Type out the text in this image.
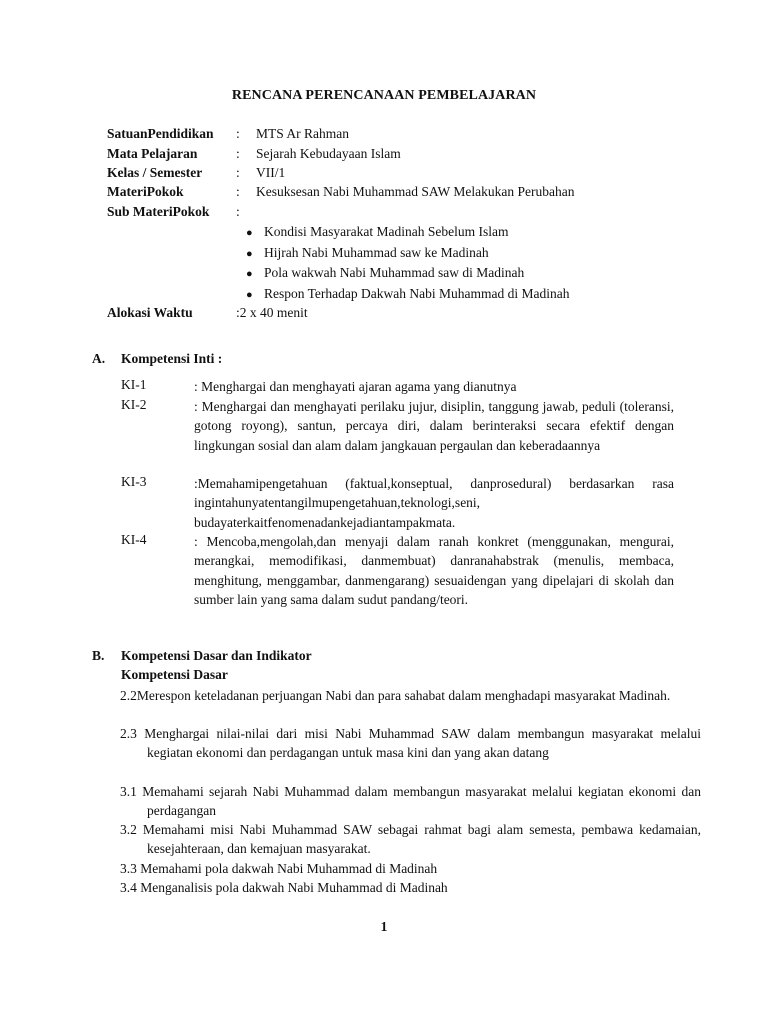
RENCANA PERENCANAAN PEMBELAJARAN
SatuanPendidikan : MTS Ar Rahman
Mata Pelajaran	: Sejarah Kebudayaan Islam
Kelas / Semester	: VII/1
MateriPokok	: Kesuksesan Nabi Muhammad SAW Melakukan Perubahan
Sub MateriPokok :
● Kondisi Masyarakat Madinah Sebelum Islam
● Hijrah Nabi Muhammad saw ke Madinah
● Pola wakwah Nabi Muhammad saw di Madinah
● Respon Terhadap Dakwah Nabi Muhammad di Madinah
Alokasi Waktu	:2 x 40 menit
A. Kompetensi Inti :
KI-1	: Menghargai dan menghayati ajaran agama yang dianutnya
KI-2	: Menghargai dan menghayati perilaku jujur, disiplin, tanggung jawab, peduli (toleransi, gotong royong), santun, percaya diri, dalam berinteraksi secara efektif dengan lingkungan sosial dan alam dalam jangkauan pergaulan dan keberadaannya
KI-3	:Memahamipengetahuan (faktual,konseptual, danprosedural) berdasarkan rasa ingintahunyatentangilmupengetahuan,teknologi,seni, budayaterkaitfenomenadankejadiantampakmata.
KI-4	: Mencoba,mengolah,dan menyaji dalam ranah konkret (menggunakan, mengurai, merangkai, memodifikasi, danmembuat) danranahabstrak (menulis, membaca, menghitung, menggambar, danmengarang) sesuaidengan yang dipelajari di skolah dan sumber lain yang sama dalam sudut pandang/teori.
B. Kompetensi Dasar dan Indikator
Kompetensi Dasar
2.2Merespon keteladanan perjuangan Nabi dan para sahabat dalam menghadapi masyarakat Madinah.
2.3 Menghargai nilai-nilai dari misi Nabi Muhammad SAW dalam membangun masyarakat melalui kegiatan ekonomi dan perdagangan untuk masa kini dan yang akan datang
3.1 Memahami sejarah Nabi Muhammad dalam membangun masyarakat melalui kegiatan ekonomi dan perdagangan
3.2 Memahami misi Nabi Muhammad SAW sebagai rahmat bagi alam semesta, pembawa kedamaian, kesejahteraan, dan kemajuan masyarakat.
3.3 Memahami pola dakwah Nabi Muhammad di Madinah
3.4 Menganalisis pola dakwah Nabi Muhammad di Madinah
1
